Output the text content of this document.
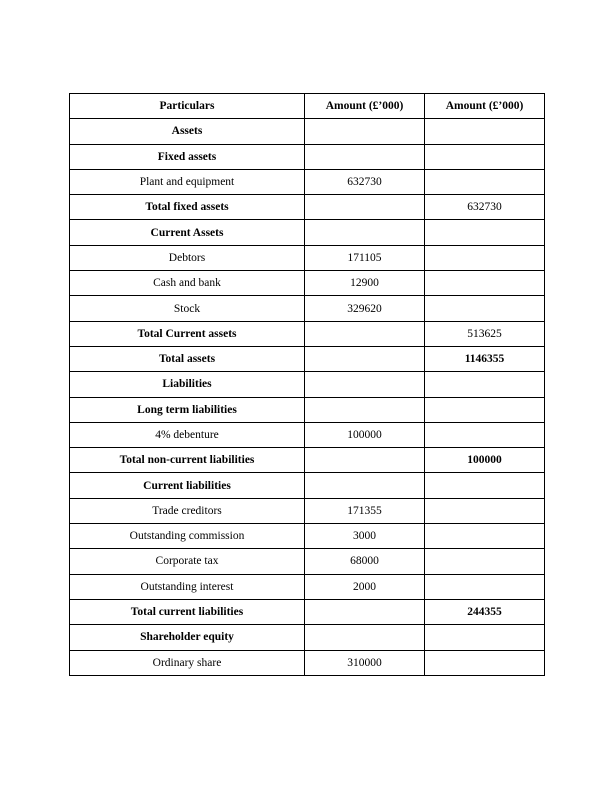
Particulars	Amount (£’000)	Amount (£’000)
Assets		
Fixed assets		
Plant and equipment	632730	
Total fixed assets		632730
Current Assets		
Debtors	171105	
Cash and bank	12900	
Stock	329620	
Total Current assets		513625
Total assets		1146355
Liabilities		
Long term liabilities		
4% debenture	100000	
Total non-current liabilities		100000
Current liabilities		
Trade creditors	171355	
Outstanding commission	3000	
Corporate tax	68000	
Outstanding interest	2000	
Total current liabilities		244355
Shareholder equity		
Ordinary share	310000	
